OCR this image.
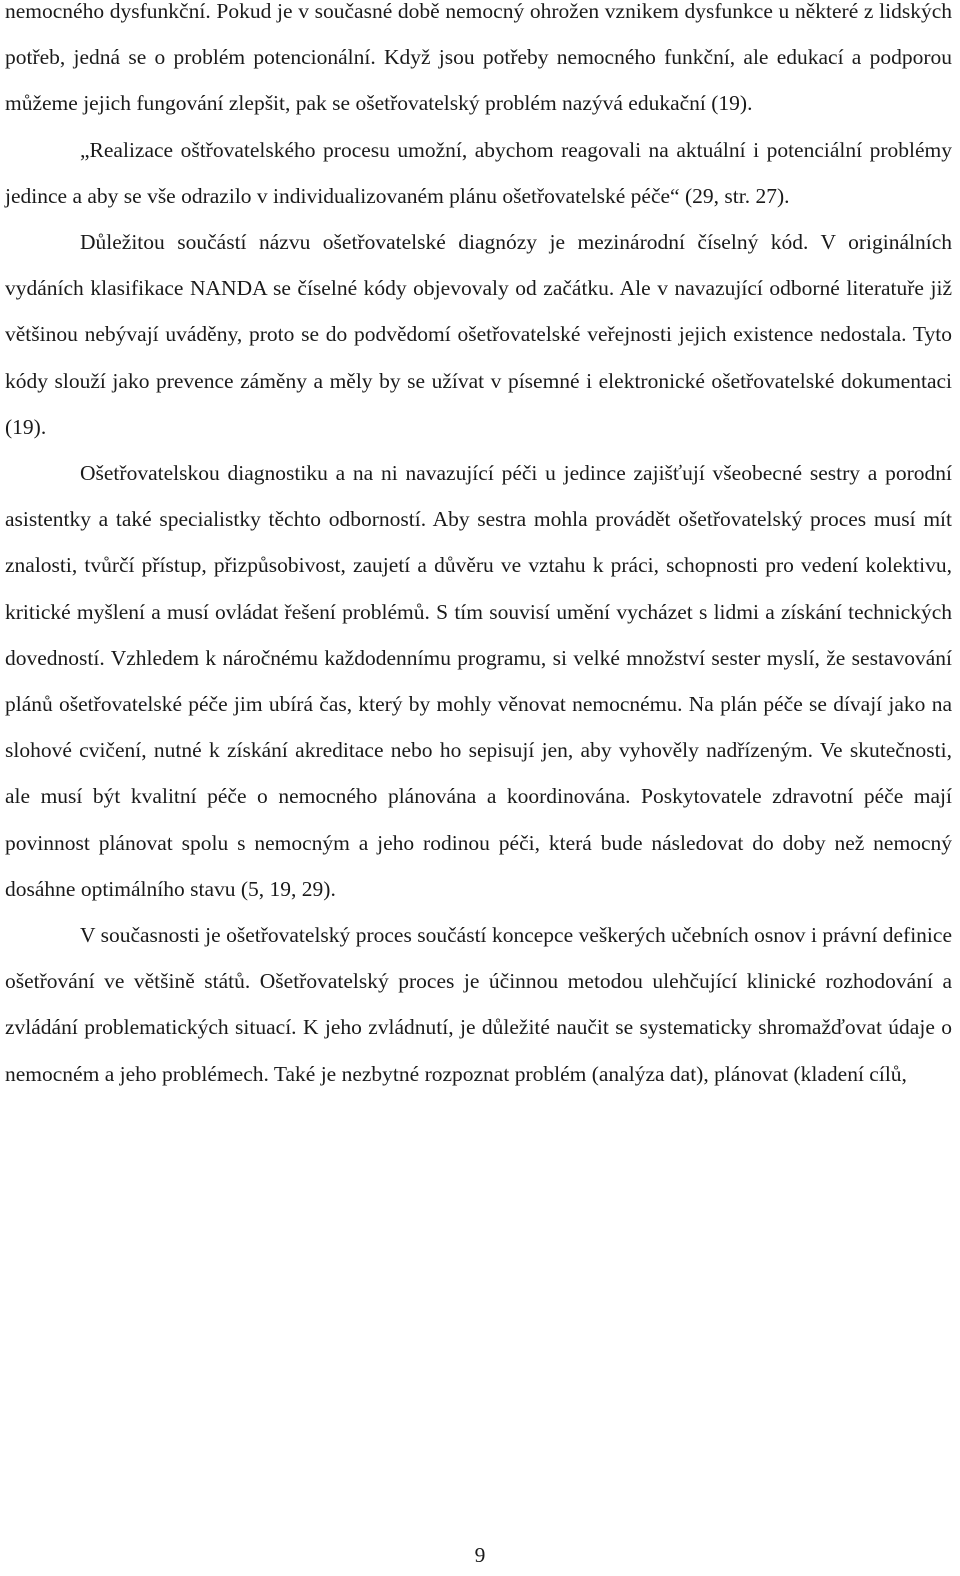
nemocného dysfunkční. Pokud je v současné době nemocný ohrožen vznikem dysfunkce u některé z lidských potřeb, jedná se o problém potencionální. Když jsou potřeby nemocného funkční, ale edukací a podporou můžeme jejich fungování zlepšit, pak se ošetřovatelský problém nazývá edukační (19).

„Realizace oštřovatelského procesu umožní, abychom reagovali na aktuální i potenciální problémy jedince a aby se vše odrazilo v individualizovaném plánu ošetřovatelské péče“ (29, str. 27).

Důležitou součástí názvu ošetřovatelské diagnózy je mezinárodní číselný kód. V originálních vydáních klasifikace NANDA se číselné kódy objevovaly od začátku. Ale v navazující odborné literatuře již většinou nebývají uváděny, proto se do podvědomí ošetřovatelské veřejnosti jejich existence nedostala. Tyto kódy slouží jako prevence záměny a měly by se užívat v písemné i elektronické ošetřovatelské dokumentaci (19).

Ošetřovatelskou diagnostiku a na ni navazující péči u jedince zajišťují všeobecné sestry a porodní asistentky a také specialistky těchto odborností. Aby sestra mohla provádět ošetřovatelský proces musí mít znalosti, tvůrčí přístup, přizpůsobivost, zaujetí a důvěru ve vztahu k práci, schopnosti pro vedení kolektivu, kritické myšlení a musí ovládat řešení problémů. S tím souvisí umění vycházet s lidmi a získání technických dovedností. Vzhledem k náročnému každodennímu programu, si velké množství sester myslí, že sestavování plánů ošetřovatelské péče jim ubírá čas, který by mohly věnovat nemocnému. Na plán péče se dívají jako na slohové cvičení, nutné k získání akreditace nebo ho sepisují jen, aby vyhověly nadřízeným. Ve skutečnosti, ale musí být kvalitní péče o nemocného plánována a koordinována. Poskytovatele zdravotní péče mají povinnost plánovat spolu s nemocným a jeho rodinou péči, která bude následovat do doby než nemocný dosáhne optimálního stavu (5, 19, 29).

V současnosti je ošetřovatelský proces součástí koncepce veškerých učebních osnov i právní definice ošetřování ve většině států. Ošetřovatelský proces je účinnou metodou ulehčující klinické rozhodování a zvládání problematických situací. K jeho zvládnutí, je důležité naučit se systematicky shromažďovat údaje o nemocném a jeho problémech. Také je nezbytné rozpoznat problém (analýza dat), plánovat (kladení cílů,

9
